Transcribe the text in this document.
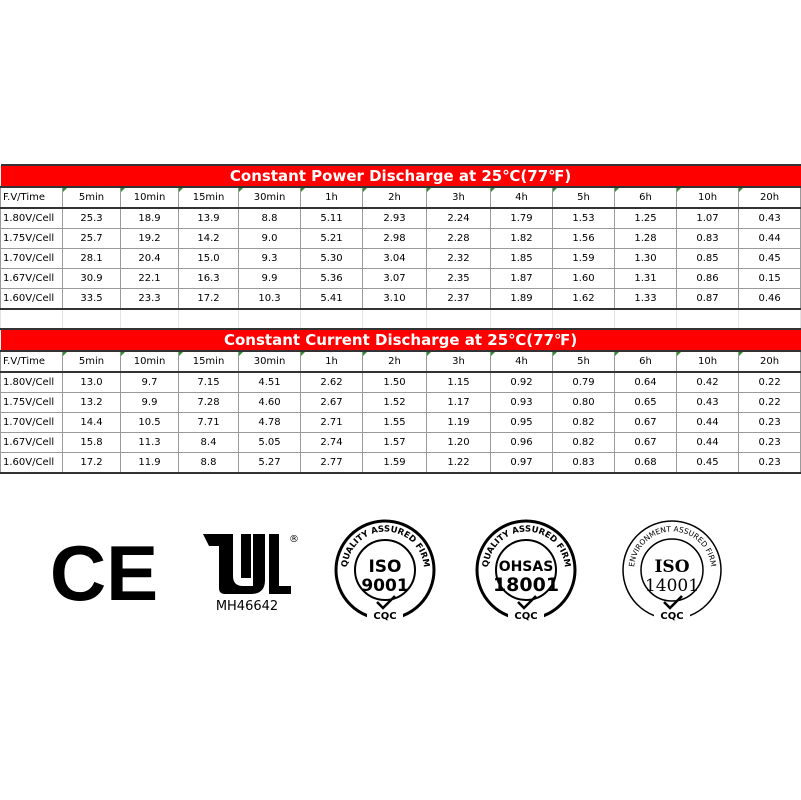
Constant Power Discharge at 25℃(77℉)												
F.V/Time	5min	10min	15min	30min	1h	2h	3h	4h	5h	6h	10h	20h
1.80V/Cell	25.3	18.9	13.9	8.8	5.11	2.93	2.24	1.79	1.53	1.25	1.07	0.43
1.75V/Cell	25.7	19.2	14.2	9.0	5.21	2.98	2.28	1.82	1.56	1.28	0.83	0.44
1.70V/Cell	28.1	20.4	15.0	9.3	5.30	3.04	2.32	1.85	1.59	1.30	0.85	0.45
1.67V/Cell	30.9	22.1	16.3	9.9	5.36	3.07	2.35	1.87	1.60	1.31	0.86	0.15
1.60V/Cell	33.5	23.3	17.2	10.3	5.41	3.10	2.37	1.89	1.62	1.33	0.87	0.46

Constant Current Discharge at 25℃(77℉)												
F.V/Time	5min	10min	15min	30min	1h	2h	3h	4h	5h	6h	10h	20h
1.80V/Cell	13.0	9.7	7.15	4.51	2.62	1.50	1.15	0.92	0.79	0.64	0.42	0.22
1.75V/Cell	13.2	9.9	7.28	4.60	2.67	1.52	1.17	0.93	0.80	0.65	0.43	0.22
1.70V/Cell	14.4	10.5	7.71	4.78	2.71	1.55	1.19	0.95	0.82	0.67	0.44	0.23
1.67V/Cell	15.8	11.3	8.4	5.05	2.74	1.57	1.20	0.96	0.82	0.67	0.44	0.23
1.60V/Cell	17.2	11.9	8.8	5.27	2.77	1.59	1.22	0.97	0.83	0.68	0.45	0.23
CE	®
MH46642
QUALITY ASSURED FIRM
ISO
9001
CQC
QUALITY ASSURED FIRM
OHSAS
18001
CQC
ENVIRONMENT ASSURED FIRM
ISO
14001
CQC
